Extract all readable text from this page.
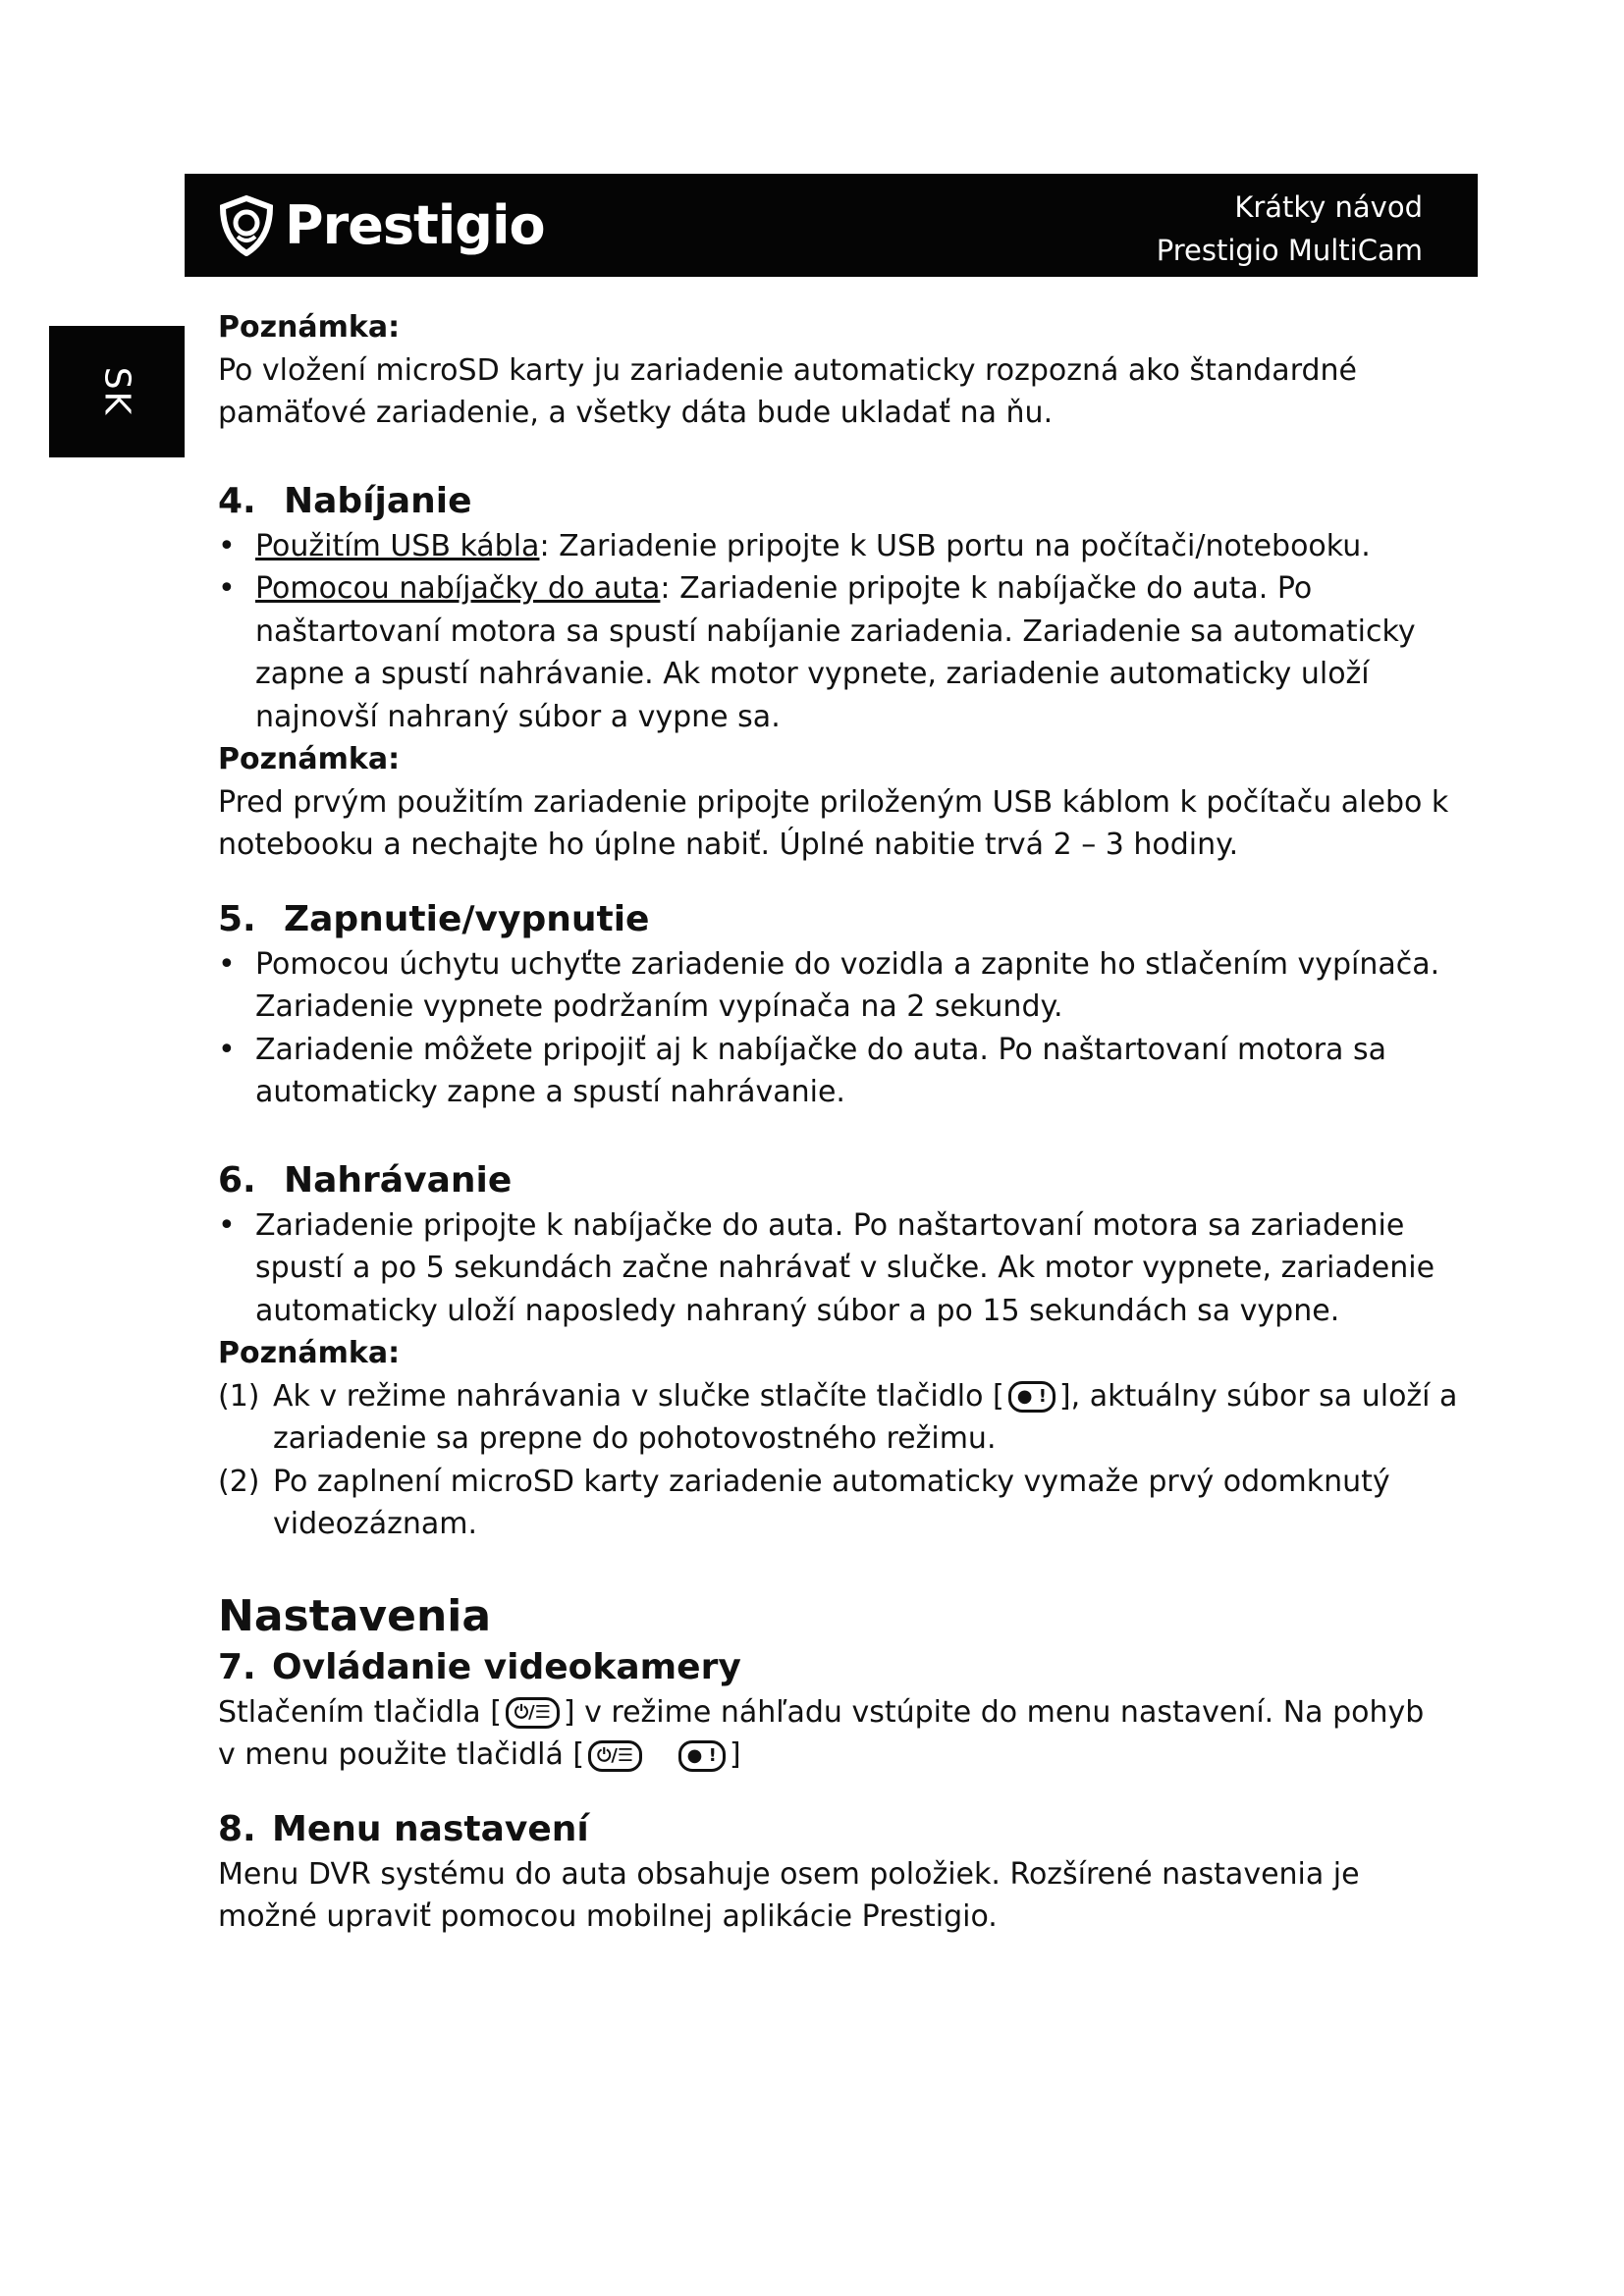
Prestigio	Krátky návod
Prestigio MultiCam
SK

Poznámka:

Po vložení microSD karty ju zariadenie automaticky rozpozná ako štandardné pamäťové zariadenie, a všetky dáta bude ukladať na ňu.

4. Nabíjanie
• Použitím USB kábla: Zariadenie pripojte k USB portu na počítači/notebooku.
• Pomocou nabíjačky do auta: Zariadenie pripojte k nabíjačke do auta. Po naštartovaní motora sa spustí nabíjanie zariadenia. Zariadenie sa automaticky zapne a spustí nahrávanie. Ak motor vypnete, zariadenie automaticky uloží najnovší nahraný súbor a vypne sa.

Poznámka:

Pred prvým použitím zariadenie pripojte priloženým USB káblom k počítaču alebo k notebooku a nechajte ho úplne nabiť. Úplné nabitie trvá 2 – 3 hodiny.

5. Zapnutie/vypnutie
• Pomocou úchytu uchyťte zariadenie do vozidla a zapnite ho stlačením vypínača. Zariadenie vypnete podržaním vypínača na 2 sekundy.
• Zariadenie môžete pripojiť aj k nabíjačke do auta. Po naštartovaní motora sa automaticky zapne a spustí nahrávanie.
6. Nahrávanie
• Zariadenie pripojte k nabíjačke do auta. Po naštartovaní motora sa zariadenie spustí a po 5 sekundách začne nahrávať v slučke. Ak motor vypnete, zariadenie automaticky uloží naposledy nahraný súbor a po 15 sekundách sa vypne.

Poznámka:

(1) Ak v režime nahrávania v slučke stlačíte tlačidlo [ ● ! ], aktuálny súbor sa uloží a zariadenie sa prepne do pohotovostného režimu.
(2) Po zaplnení microSD karty zariadenie automaticky vymaže prvý odomknutý videozáznam.
Nastavenia
7. Ovládanie videokamery

Stlačením tlačidla [ ⏻/☰ ] v režime náhľadu vstúpite do menu nastavení. Na pohyb

v menu použite tlačidlá [ ⏻/☰	● ! ]

8. Menu nastavení

Menu DVR systému do auta obsahuje osem položiek. Rozšírené nastavenia je možné upraviť pomocou mobilnej aplikácie Prestigio.
